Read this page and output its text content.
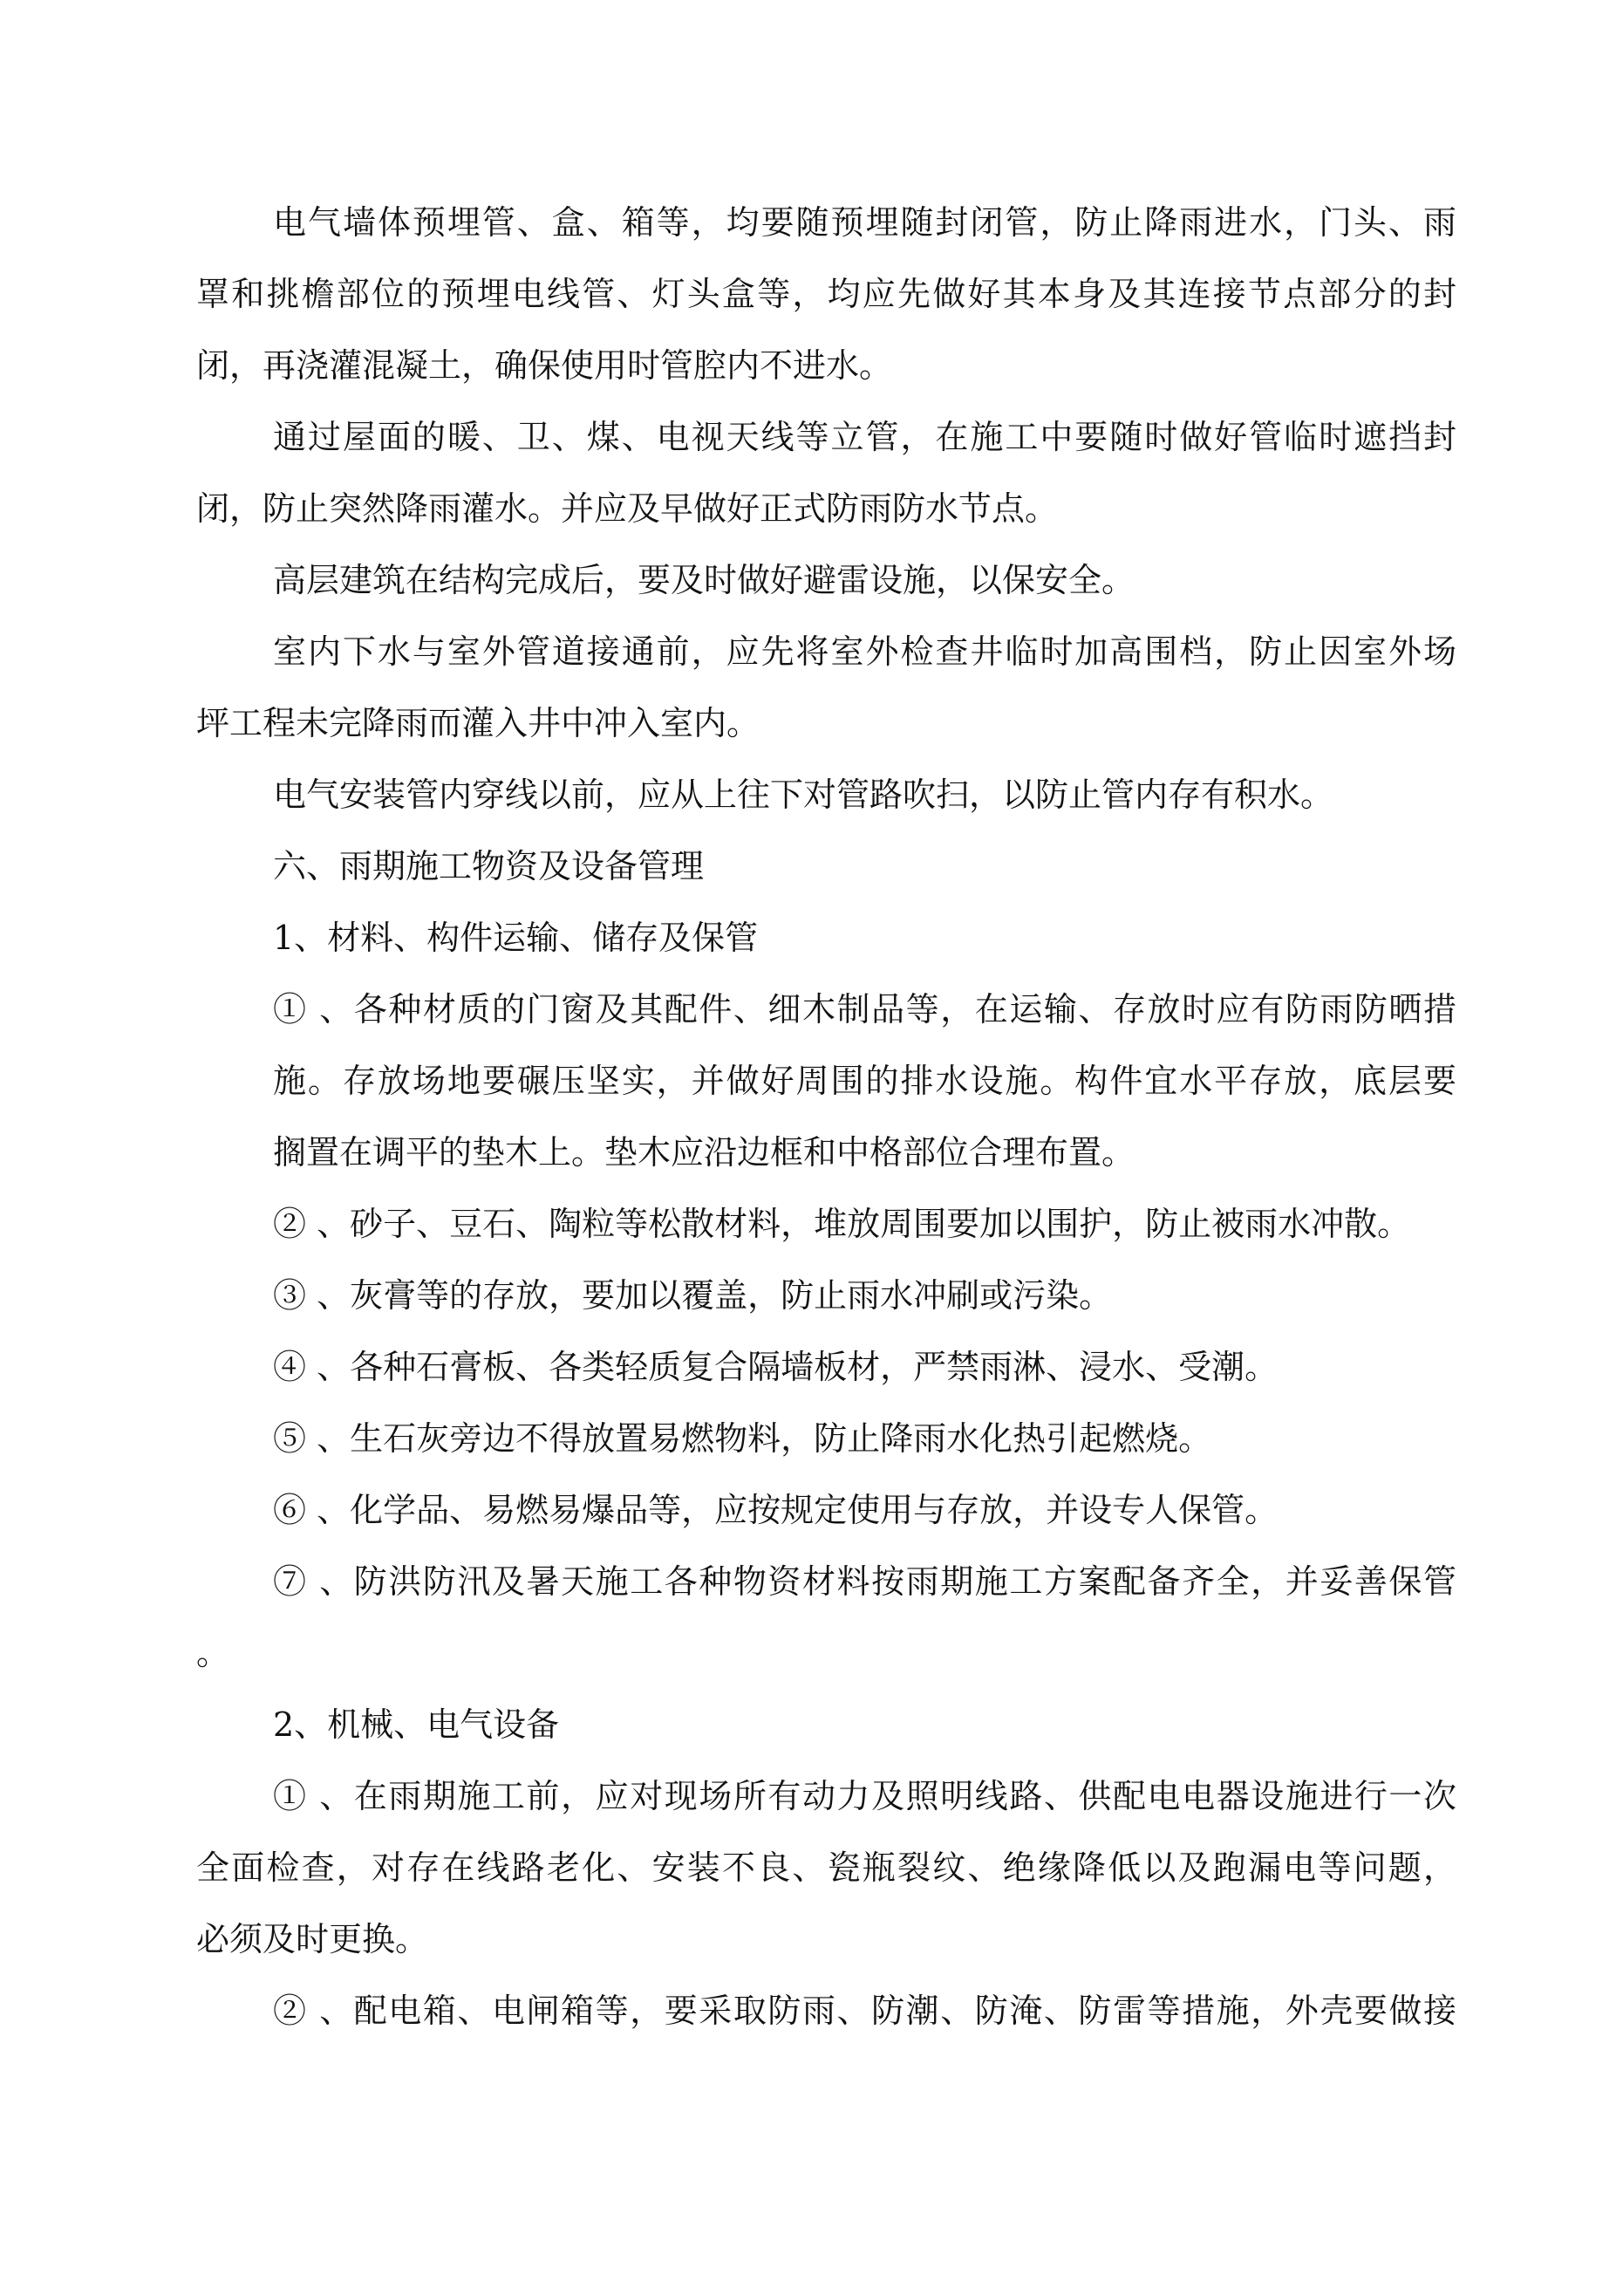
电气墙体预埋管、盒、箱等，均要随预埋随封闭管，防止降雨进水，门头、雨
罩和挑檐部位的预埋电线管、灯头盒等，均应先做好其本身及其连接节点部分的封
闭，再浇灌混凝土，确保使用时管腔内不进水。

通过屋面的暖、卫、煤、电视天线等立管，在施工中要随时做好管临时遮挡封
闭，防止突然降雨灌水。并应及早做好正式防雨防水节点。

高层建筑在结构完成后，要及时做好避雷设施，以保安全。

室内下水与室外管道接通前，应先将室外检查井临时加高围档，防止因室外场
坪工程未完降雨而灌入井中冲入室内。

电气安装管内穿线以前，应从上往下对管路吹扫，以防止管内存有积水。

六、雨期施工物资及设备管理

1、材料、构件运输、储存及保管

① 、各种材质的门窗及其配件、细木制品等，在运输、存放时应有防雨防晒措
施。存放场地要碾压坚实，并做好周围的排水设施。构件宜水平存放，底层要
搁置在调平的垫木上。垫木应沿边框和中格部位合理布置。

② 、砂子、豆石、陶粒等松散材料，堆放周围要加以围护，防止被雨水冲散。

③ 、灰膏等的存放，要加以覆盖，防止雨水冲刷或污染。

④ 、各种石膏板、各类轻质复合隔墙板材，严禁雨淋、浸水、受潮。

⑤ 、生石灰旁边不得放置易燃物料，防止降雨水化热引起燃烧。

⑥ 、化学品、易燃易爆品等，应按规定使用与存放，并设专人保管。

⑦ 、防洪防汛及暑天施工各种物资材料按雨期施工方案配备齐全，并妥善保管
。

2、机械、电气设备

① 、在雨期施工前，应对现场所有动力及照明线路、供配电电器设施进行一次
全面检查，对存在线路老化、安装不良、瓷瓶裂纹、绝缘降低以及跑漏电等问题，
必须及时更换。

② 、配电箱、电闸箱等，要采取防雨、防潮、防淹、防雷等措施，外壳要做接
